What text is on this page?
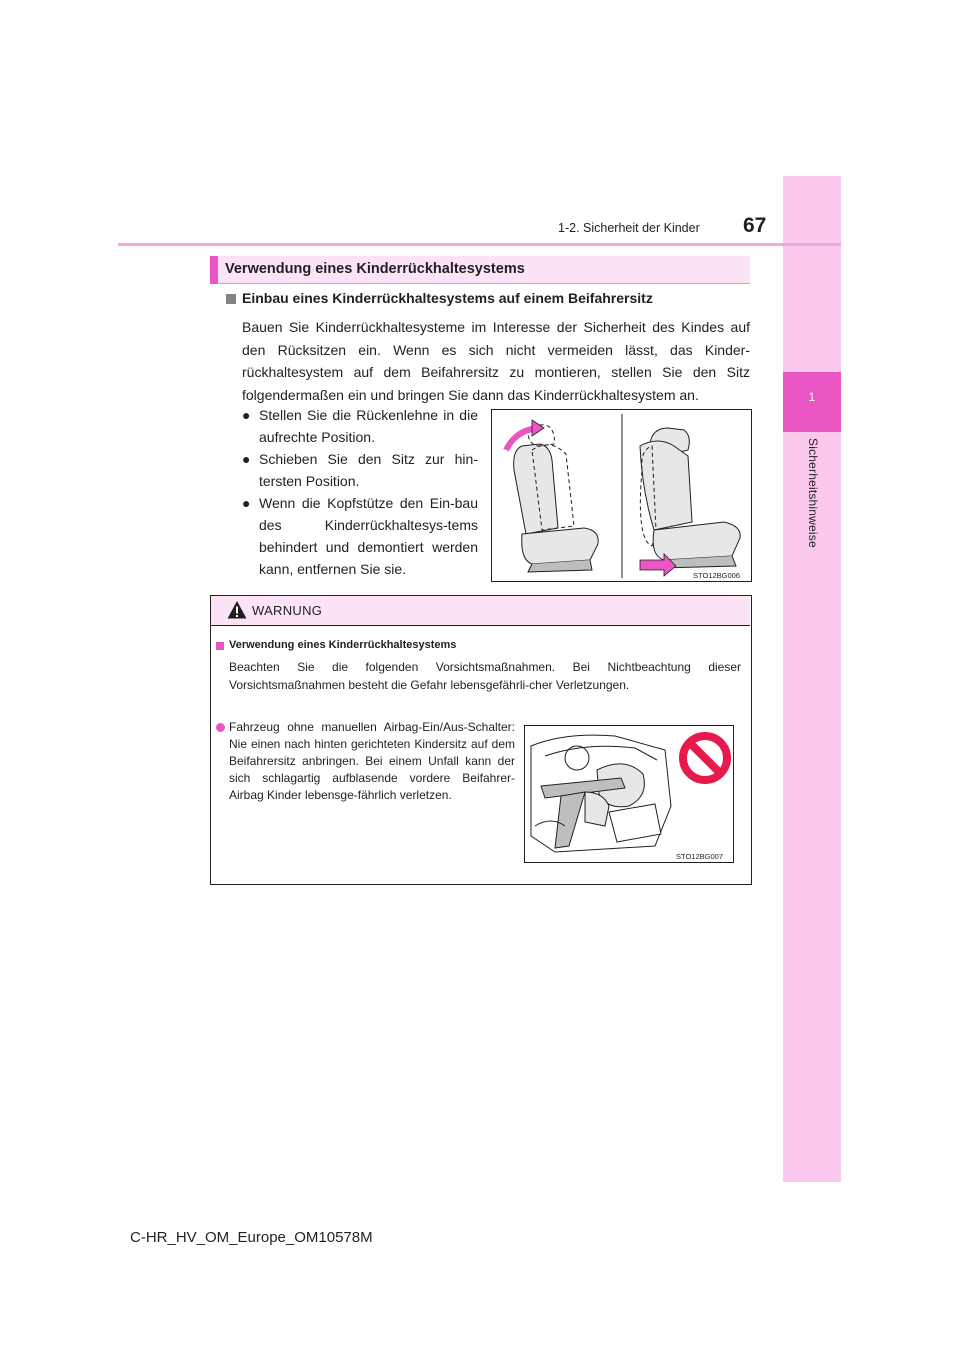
1
Sicherheitshinweise
1-2. Sicherheit der Kinder 67
Verwendung eines Kinderrückhaltesystems
Einbau eines Kinderrückhaltesystems auf einem Beifahrersitz
Bauen Sie Kinderrückhaltesysteme im Interesse der Sicherheit des Kindes auf den Rücksitzen ein. Wenn es sich nicht vermeiden lässt, das Kinder-rückhaltesystem auf dem Beifahrersitz zu montieren, stellen Sie den Sitz folgendermaßen ein und bringen Sie dann das Kinderrückhaltesystem an.
● Stellen Sie die Rückenlehne in die aufrechte Position.
● Schieben Sie den Sitz zur hin-tersten Position.
● Wenn die Kopfstütze den Ein-bau des Kinderrückhaltesys-tems behindert und demontiert werden kann, entfernen Sie sie.	STO12BG006
WARNUNG
Verwendung eines Kinderrückhaltesystems
Beachten Sie die folgenden Vorsichtsmaßnahmen. Bei Nichtbeachtung dieser Vorsichtsmaßnahmen besteht die Gefahr lebensgefährli-cher Verletzungen.
Fahrzeug ohne manuellen Airbag-Ein/Aus-Schalter: Nie einen nach hinten gerichteten Kindersitz auf dem Beifahrersitz anbringen. Bei einem Unfall kann der sich schlagartig aufblasende vordere Beifahrer-Airbag Kinder lebensge-fährlich verletzen.
STO12BG007
C-HR_HV_OM_Europe_OM10578M
